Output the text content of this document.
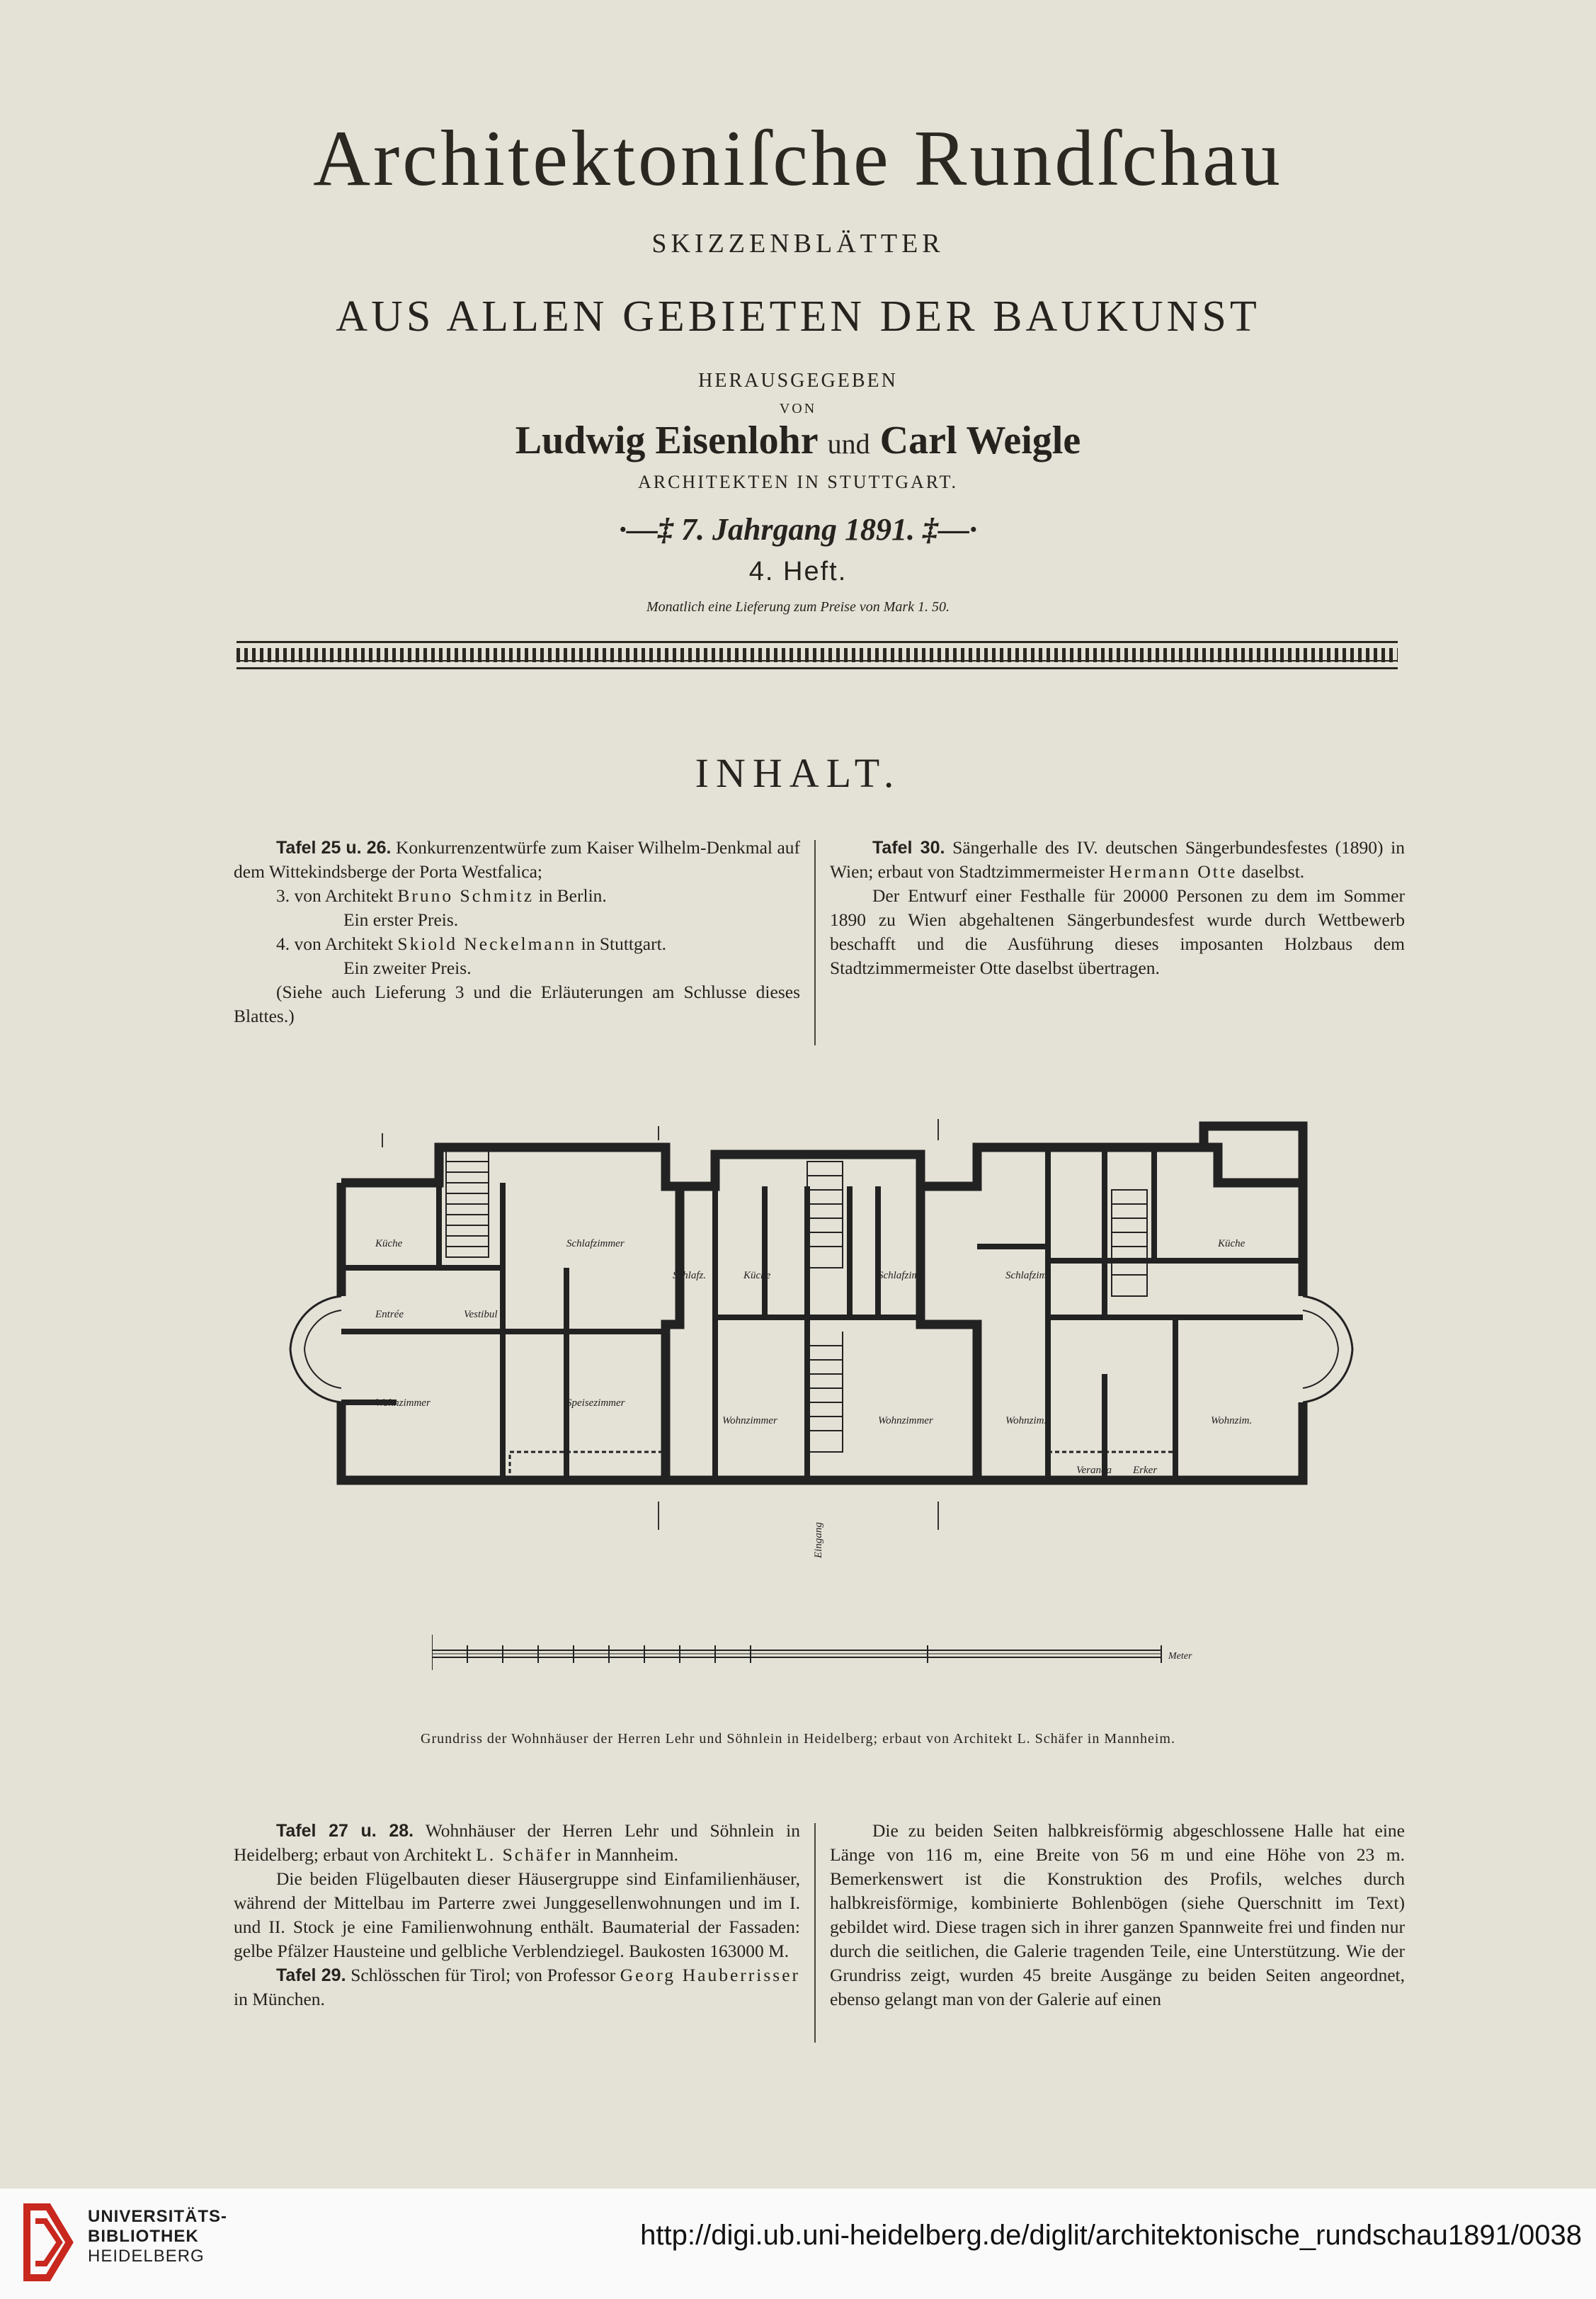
Architektoniſche Rundſchau
SKIZZENBLÄTTER
AUS ALLEN GEBIETEN DER BAUKUNST
HERAUSGEGEBEN
VON
Ludwig Eisenlohr und Carl Weigle
ARCHITEKTEN IN STUTTGART.
·—‡ 7. Jahrgang 1891. ‡—·
4. Heft.
Monatlich eine Lieferung zum Preise von Mark 1. 50.
INHALT.

Tafel 25 u. 26. Konkurrenzentwürfe zum Kaiser Wilhelm-Denkmal auf dem Wittekindsberge der Porta Westfalica;

3. von Architekt Bruno Schmitz in Berlin.

Ein erster Preis.

4. von Architekt Skiold Neckelmann in Stuttgart.

Ein zweiter Preis.

(Siehe auch Lieferung 3 und die Erläuterungen am Schlusse dieses Blattes.)

Tafel 30. Sängerhalle des IV. deutschen Sängerbundesfestes (1890) in Wien; erbaut von Stadtzimmermeister Hermann Otte daselbst.

Der Entwurf einer Festhalle für 20000 Personen zu dem im Sommer 1890 zu Wien abgehaltenen Sängerbundesfest wurde durch Wettbewerb beschafft und die Ausführung dieses imposanten Holzbaus dem Stadtzimmermeister Otte daselbst übertragen.

Küche	Schlafzimmer
Entrée	Vestibul
Wohnzimmer	Speisezimmer
Schlafz.	Küche
Wohnzimmer
Schlafzim.
Wohnzimmer
Schlafzim.
Küche
Wohnzim.	Wohnzim.
Veranda Erker
Eingang
Meter
Grundriss der Wohnhäuser der Herren Lehr und Söhnlein in Heidelberg; erbaut von Architekt L. Schäfer in Mannheim.

Tafel 27 u. 28. Wohnhäuser der Herren Lehr und Söhnlein in Heidelberg; erbaut von Architekt L. Schäfer in Mannheim.

Die beiden Flügelbauten dieser Häusergruppe sind Einfamilienhäuser, während der Mittelbau im Parterre zwei Junggesellenwohnungen und im I. und II. Stock je eine Familienwohnung enthält. Baumaterial der Fassaden: gelbe Pfälzer Hausteine und gelbliche Verblendziegel. Baukosten 163000 M.

Tafel 29. Schlösschen für Tirol; von Professor Georg Hauberrisser in München.

Die zu beiden Seiten halbkreisförmig abgeschlossene Halle hat eine Länge von 116 m, eine Breite von 56 m und eine Höhe von 23 m. Bemerkenswert ist die Konstruktion des Profils, welches durch halbkreisförmige, kombinierte Bohlenbögen (siehe Querschnitt im Text) gebildet wird. Diese tragen sich in ihrer ganzen Spannweite frei und finden nur durch die seitlichen, die Galerie tragenden Teile, eine Unterstützung. Wie der Grundriss zeigt, wurden 45 breite Ausgänge zu beiden Seiten angeordnet, ebenso gelangt man von der Galerie auf einen

UNIVERSITÄTS-
BIBLIOTHEK
HEIDELBERG
http://digi.ub.uni-heidelberg.de/diglit/architektonische_rundschau1891/0038
